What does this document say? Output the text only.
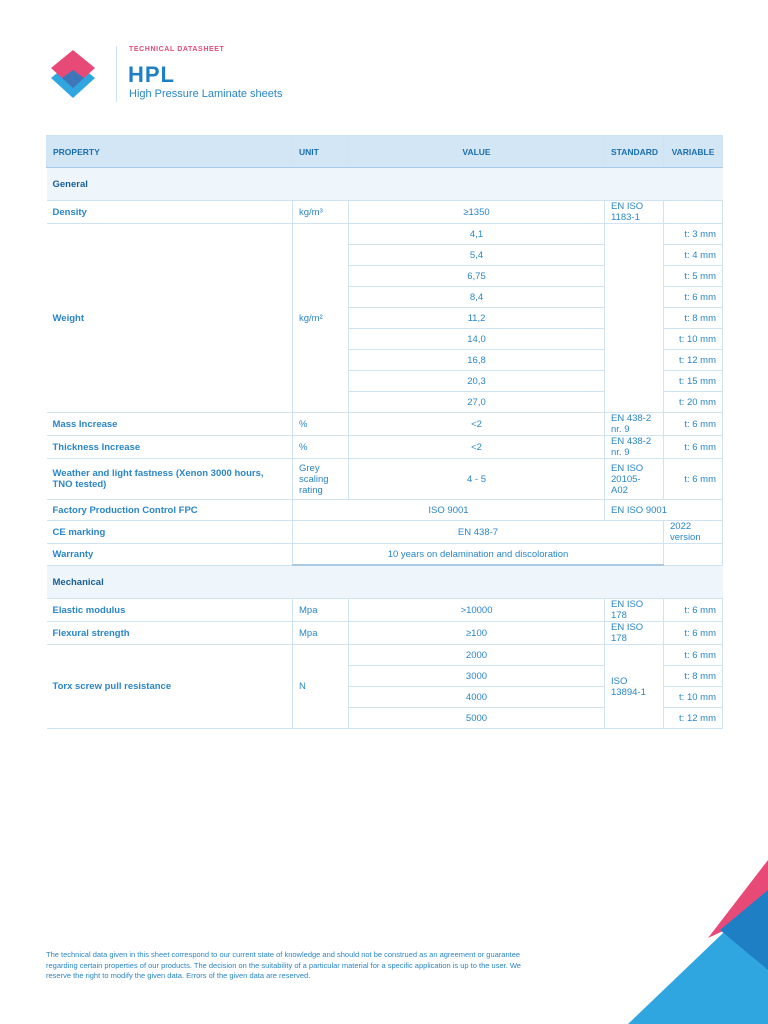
TECHNICAL DATASHEET
HPL
High Pressure Laminate sheets
PROPERTY	UNIT	VALUE	STANDARD	VARIABLE
General				
Density	kg/m³	≥1350	EN ISO 1183-1	
Weight	kg/m²	4,1		t: 3 mm
		5,4		t: 4 mm
		6,75		t: 5 mm
		8,4		t: 6 mm
		11,2		t: 8 mm
		14,0		t: 10 mm
		16,8		t: 12 mm
		20,3		t: 15 mm
		27,0		t: 20 mm
Mass Increase	%	<2	EN 438-2 nr. 9	t: 6 mm
Thickness Increase	%	<2	EN 438-2 nr. 9	t: 6 mm
Weather and light fastness (Xenon 3000 hours, TNO tested)	Grey scaling rating	4 - 5	EN ISO 20105-A02	t: 6 mm
Factory Production Control FPC	ISO 9001		EN ISO 9001	
CE marking	EN 438-7			2022 version
Warranty	10 years on delamination and discoloration			
Mechanical				
Elastic modulus	Mpa	>10000	EN ISO 178	t: 6 mm
Flexural strength	Mpa	≥100	EN ISO 178	t: 6 mm
Torx screw pull resistance	N	2000	ISO 13894-1	t: 6 mm
		3000		t: 8 mm
		4000		t: 10 mm
		5000		t: 12 mm
The technical data given in this sheet correspond to our current state of knowledge and should not be construed as an agreement or guarantee regarding certain properties of our products. The decision on the suitability of a particular material for a specific application is up to the user. We reserve the right to modify the given data. Errors of the given data are reserved.
